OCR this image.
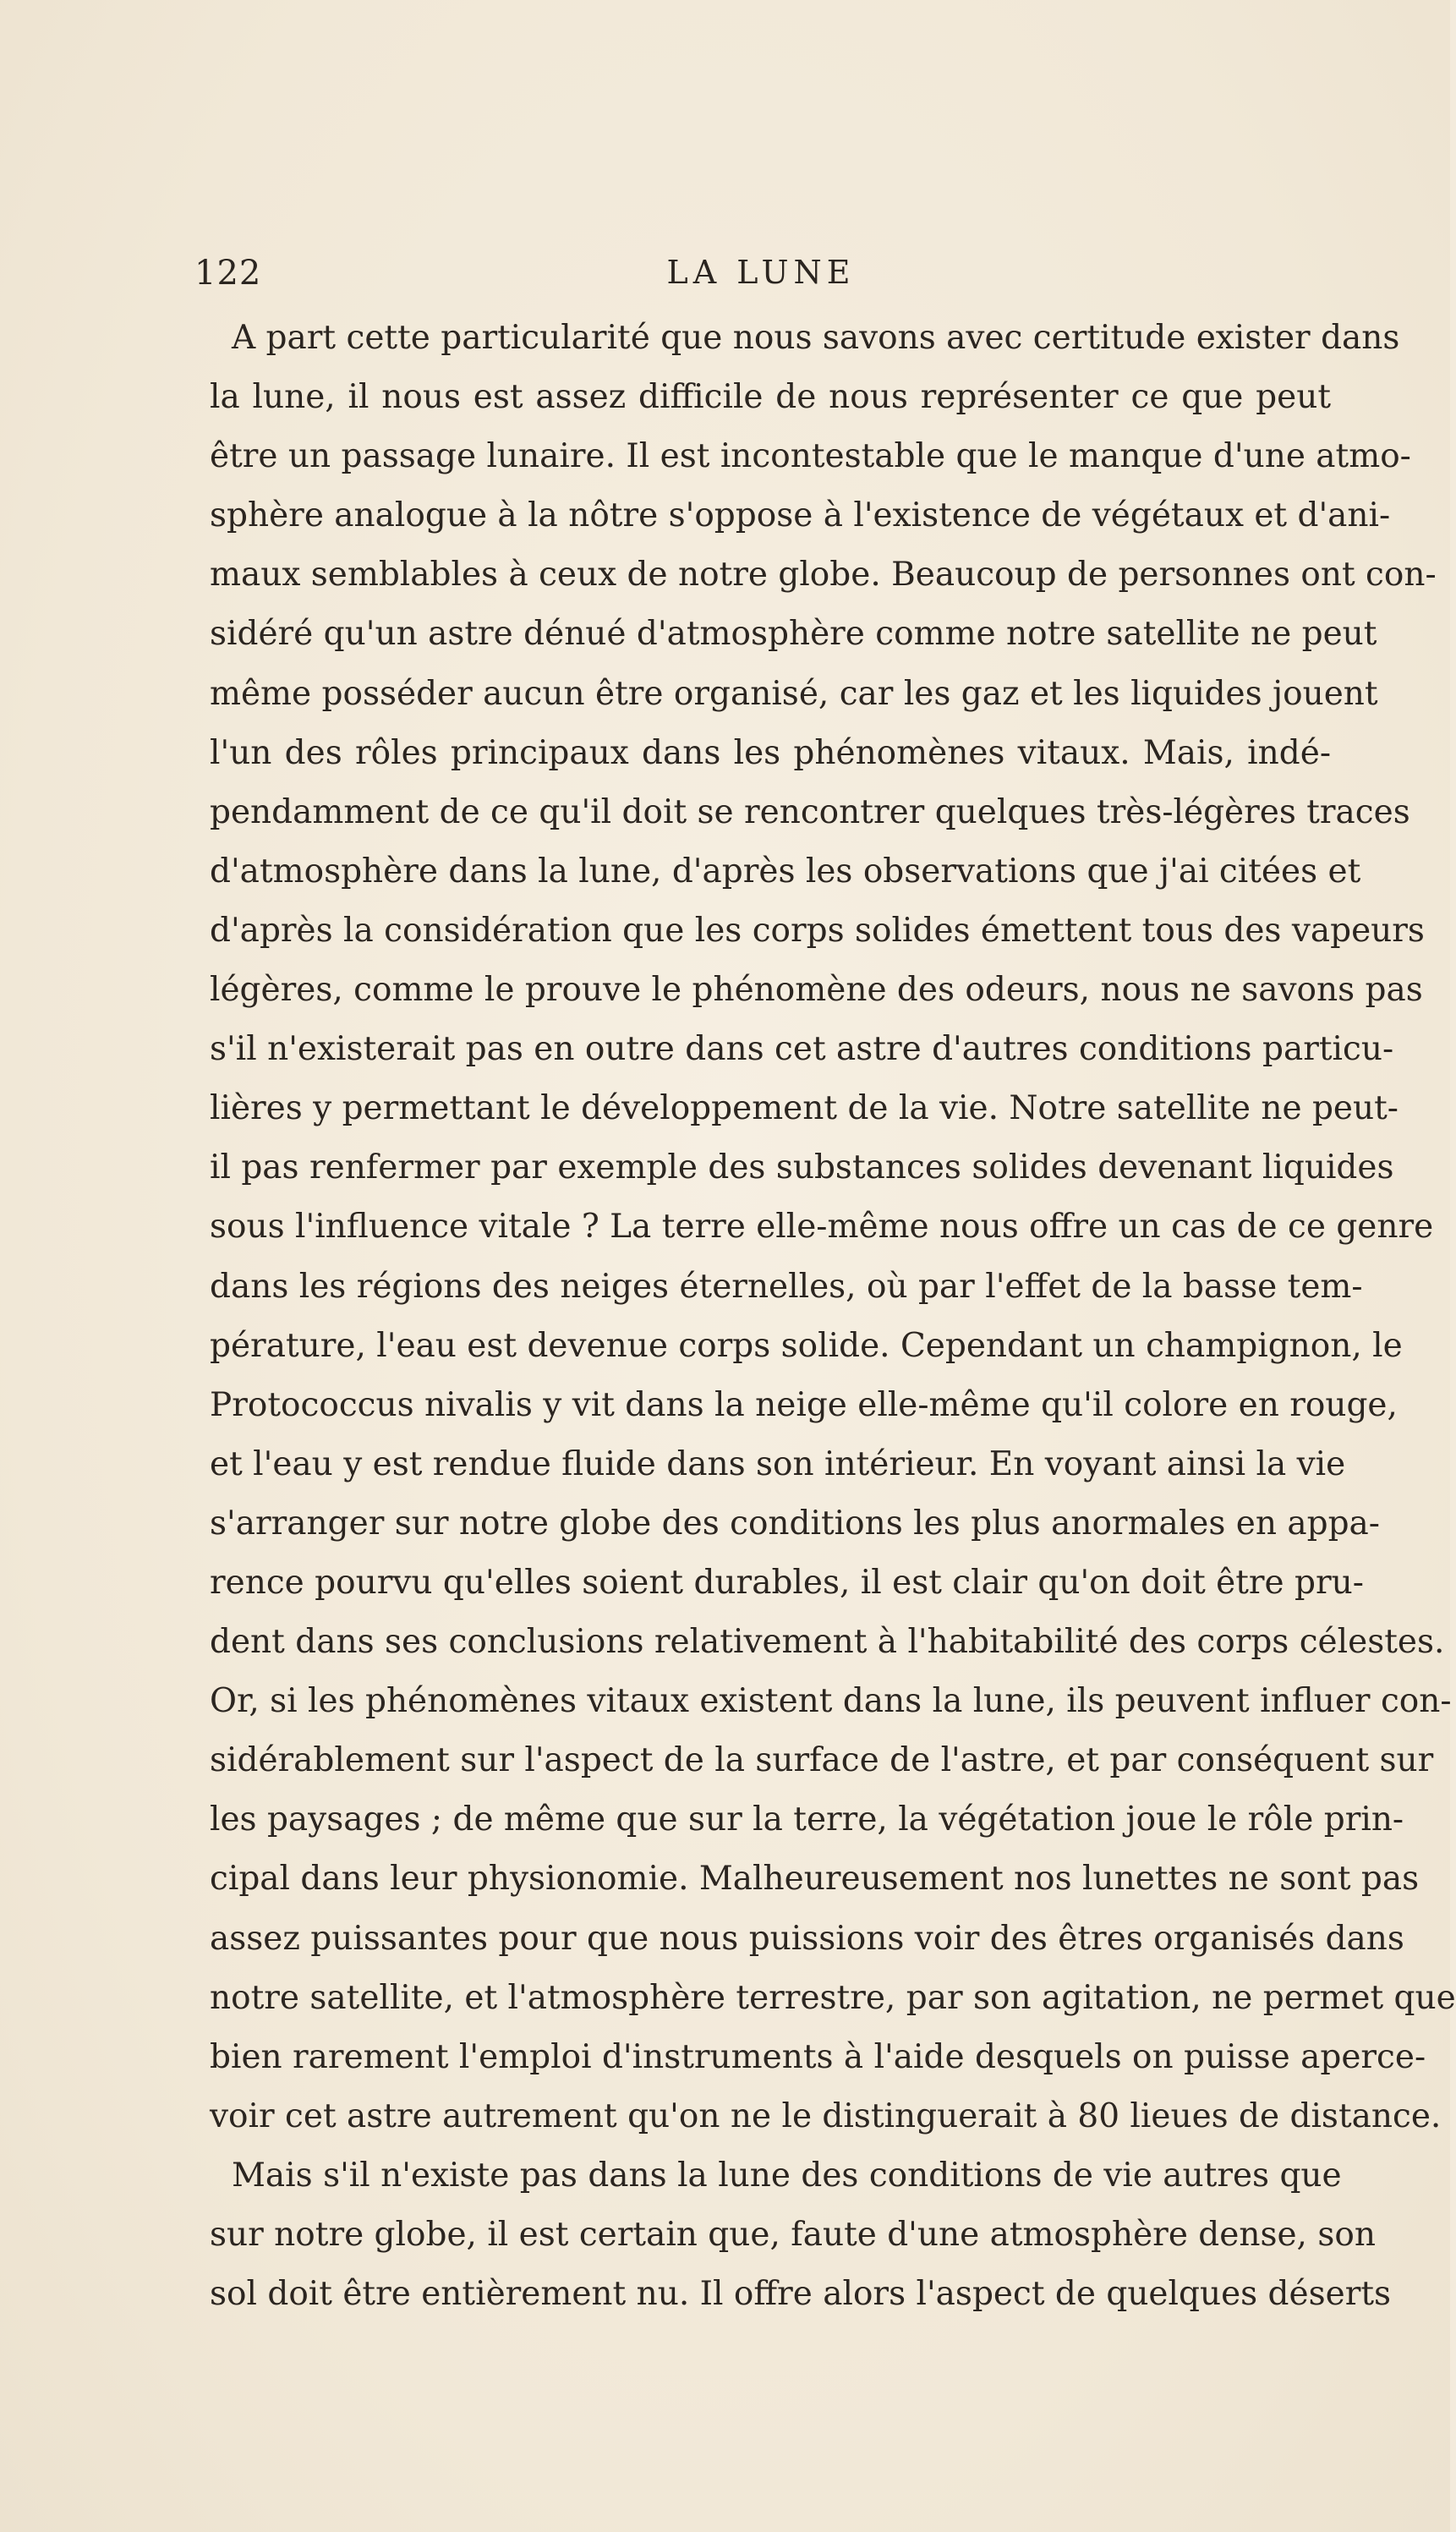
122	LA LUNE
A part cette particularité que nous savons avec certitude exister dans
la lune, il nous est assez difficile de nous représenter ce que peut
être un passage lunaire. Il est incontestable que le manque d'une atmo-
sphère analogue à la nôtre s'oppose à l'existence de végétaux et d'ani-
maux semblables à ceux de notre globe. Beaucoup de personnes ont con-
sidéré qu'un astre dénué d'atmosphère comme notre satellite ne peut
même posséder aucun être organisé, car les gaz et les liquides jouent
l'un des rôles principaux dans les phénomènes vitaux. Mais, indé-
pendamment de ce qu'il doit se rencontrer quelques très-légères traces
d'atmosphère dans la lune, d'après les observations que j'ai citées et
d'après la considération que les corps solides émettent tous des vapeurs
légères, comme le prouve le phénomène des odeurs, nous ne savons pas
s'il n'existerait pas en outre dans cet astre d'autres conditions particu-
lières y permettant le développement de la vie. Notre satellite ne peut-
il pas renfermer par exemple des substances solides devenant liquides
sous l'influence vitale ? La terre elle-même nous offre un cas de ce genre
dans les régions des neiges éternelles, où par l'effet de la basse tem-
pérature, l'eau est devenue corps solide. Cependant un champignon, le
Protococcus nivalis y vit dans la neige elle-même qu'il colore en rouge,
et l'eau y est rendue fluide dans son intérieur. En voyant ainsi la vie
s'arranger sur notre globe des conditions les plus anormales en appa-
rence pourvu qu'elles soient durables, il est clair qu'on doit être pru-
dent dans ses conclusions relativement à l'habitabilité des corps célestes.
Or, si les phénomènes vitaux existent dans la lune, ils peuvent influer con-
sidérablement sur l'aspect de la surface de l'astre, et par conséquent sur
les paysages ; de même que sur la terre, la végétation joue le rôle prin-
cipal dans leur physionomie. Malheureusement nos lunettes ne sont pas
assez puissantes pour que nous puissions voir des êtres organisés dans
notre satellite, et l'atmosphère terrestre, par son agitation, ne permet que
bien rarement l'emploi d'instruments à l'aide desquels on puisse aperce-
voir cet astre autrement qu'on ne le distinguerait à 80 lieues de distance.
Mais s'il n'existe pas dans la lune des conditions de vie autres que
sur notre globe, il est certain que, faute d'une atmosphère dense, son
sol doit être entièrement nu. Il offre alors l'aspect de quelques déserts
